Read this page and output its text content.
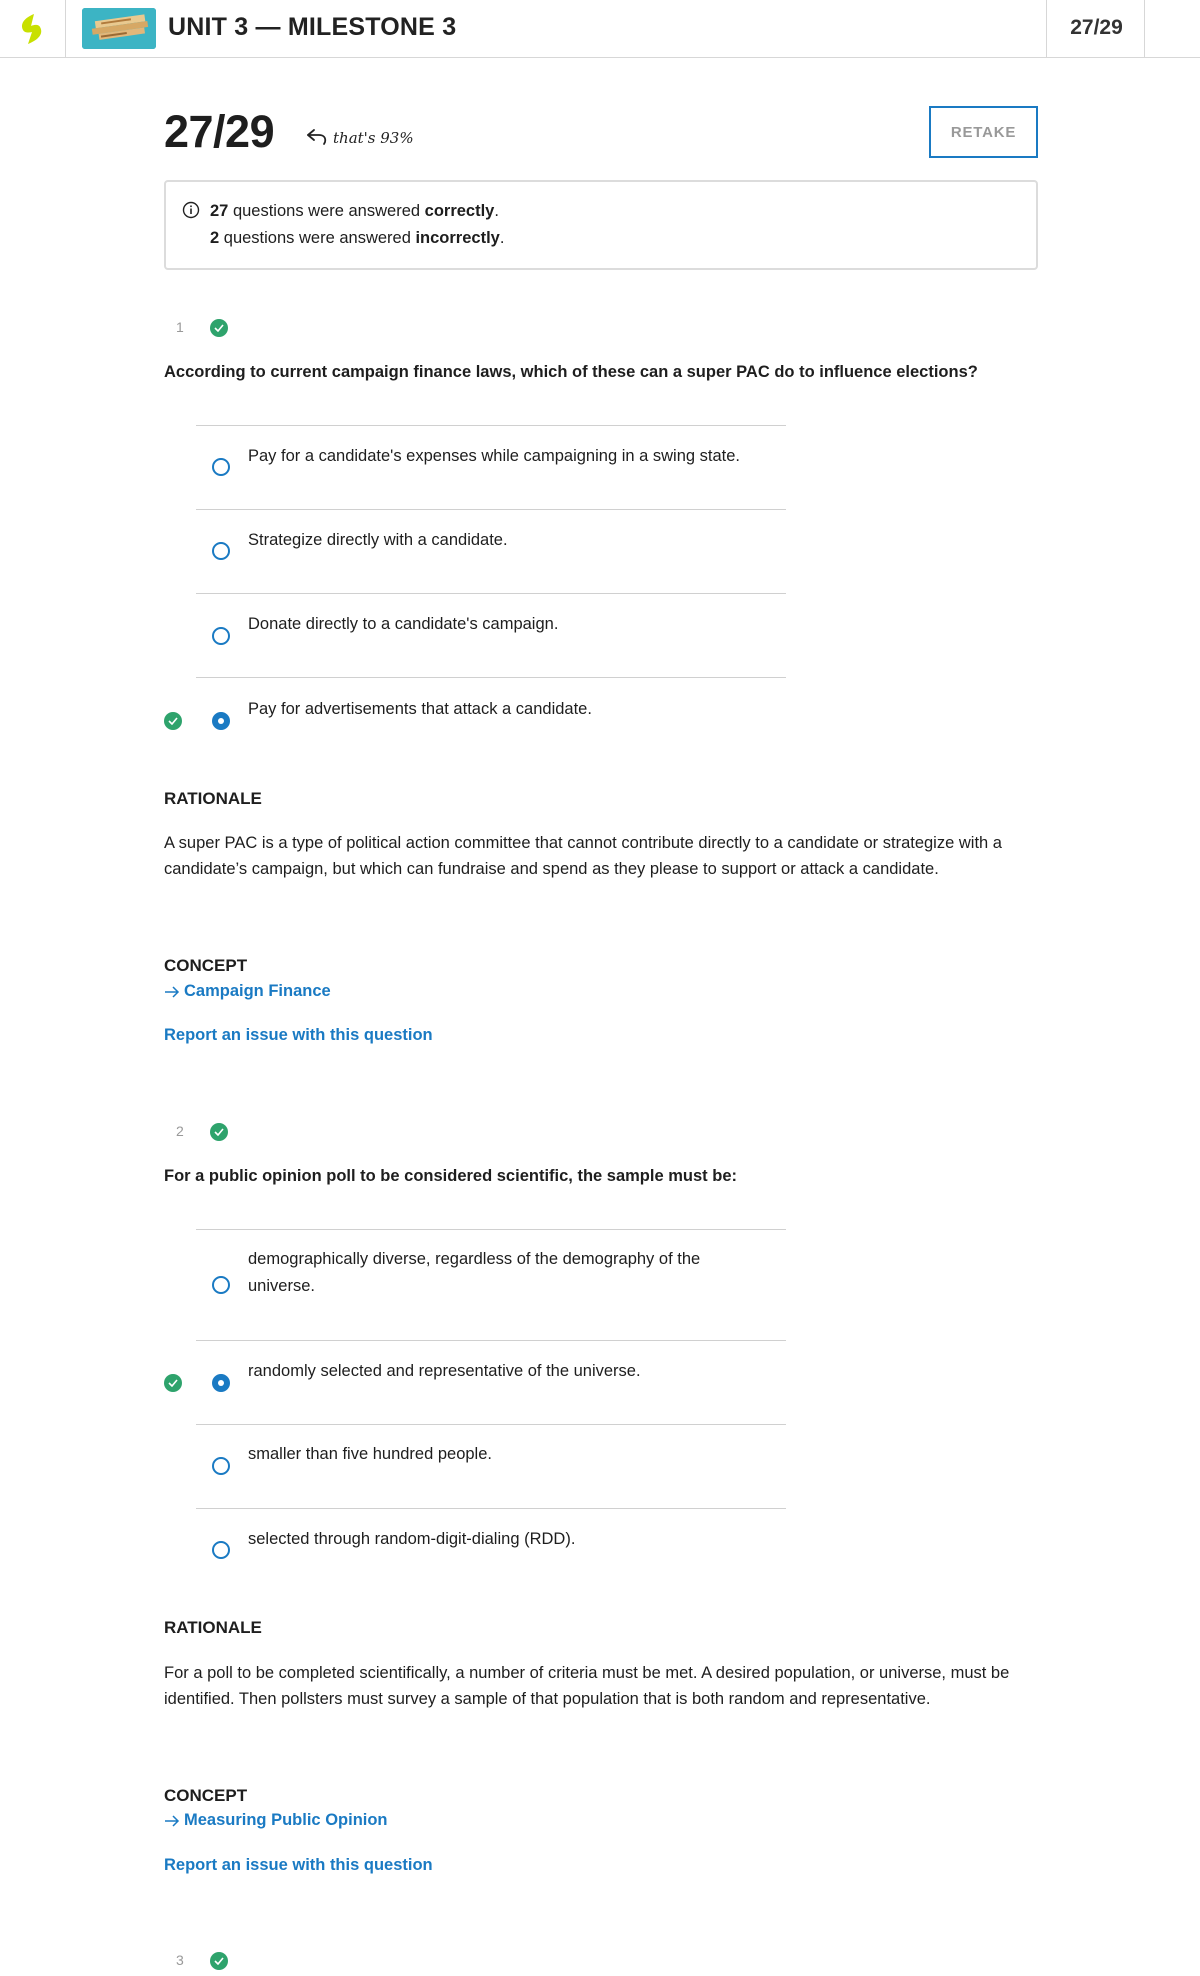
UNIT 3 — MILESTONE 3	27/29
27/29	that's 93%	RETAKE
27 questions were answered correctly.
2 questions were answered incorrectly.
1
According to current campaign finance laws, which of these can a super PAC do to influence elections?
Pay for a candidate's expenses while campaigning in a swing state.
Strategize directly with a candidate.
Donate directly to a candidate's campaign.
Pay for advertisements that attack a candidate.
RATIONALE
A super PAC is a type of political action committee that cannot contribute directly to a candidate or strategize with a candidate’s campaign, but which can fundraise and spend as they please to support or attack a candidate.
CONCEPT
Campaign Finance
Report an issue with this question
2
For a public opinion poll to be considered scientific, the sample must be:
demographically diverse, regardless of the demography of the universe.
randomly selected and representative of the universe.
smaller than five hundred people.
selected through random-digit-dialing (RDD).
RATIONALE
For a poll to be completed scientifically, a number of criteria must be met. A desired population, or universe, must be identified. Then pollsters must survey a sample of that population that is both random and representative.
CONCEPT
Measuring Public Opinion
Report an issue with this question
3
